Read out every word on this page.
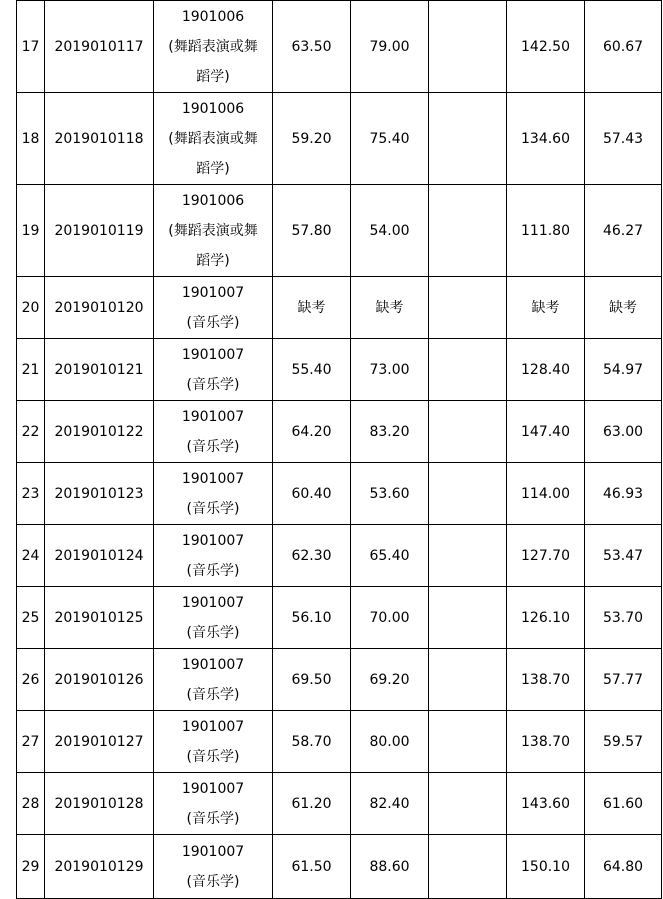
17	2019010117	1901006
(舞蹈表演或舞
蹈学)	63.50	79.00		142.50	60.67
18	2019010118	1901006
(舞蹈表演或舞
蹈学)	59.20	75.40		134.60	57.43
19	2019010119	1901006
(舞蹈表演或舞
蹈学)	57.80	54.00		111.80	46.27
20	2019010120	1901007
(音乐学)	缺考	缺考		缺考	缺考
21	2019010121	1901007
(音乐学)	55.40	73.00		128.40	54.97
22	2019010122	1901007
(音乐学)	64.20	83.20		147.40	63.00
23	2019010123	1901007
(音乐学)	60.40	53.60		114.00	46.93
24	2019010124	1901007
(音乐学)	62.30	65.40		127.70	53.47
25	2019010125	1901007
(音乐学)	56.10	70.00		126.10	53.70
26	2019010126	1901007
(音乐学)	69.50	69.20		138.70	57.77
27	2019010127	1901007
(音乐学)	58.70	80.00		138.70	59.57
28	2019010128	1901007
(音乐学)	61.20	82.40		143.60	61.60
29	2019010129	1901007
(音乐学)	61.50	88.60		150.10	64.80
